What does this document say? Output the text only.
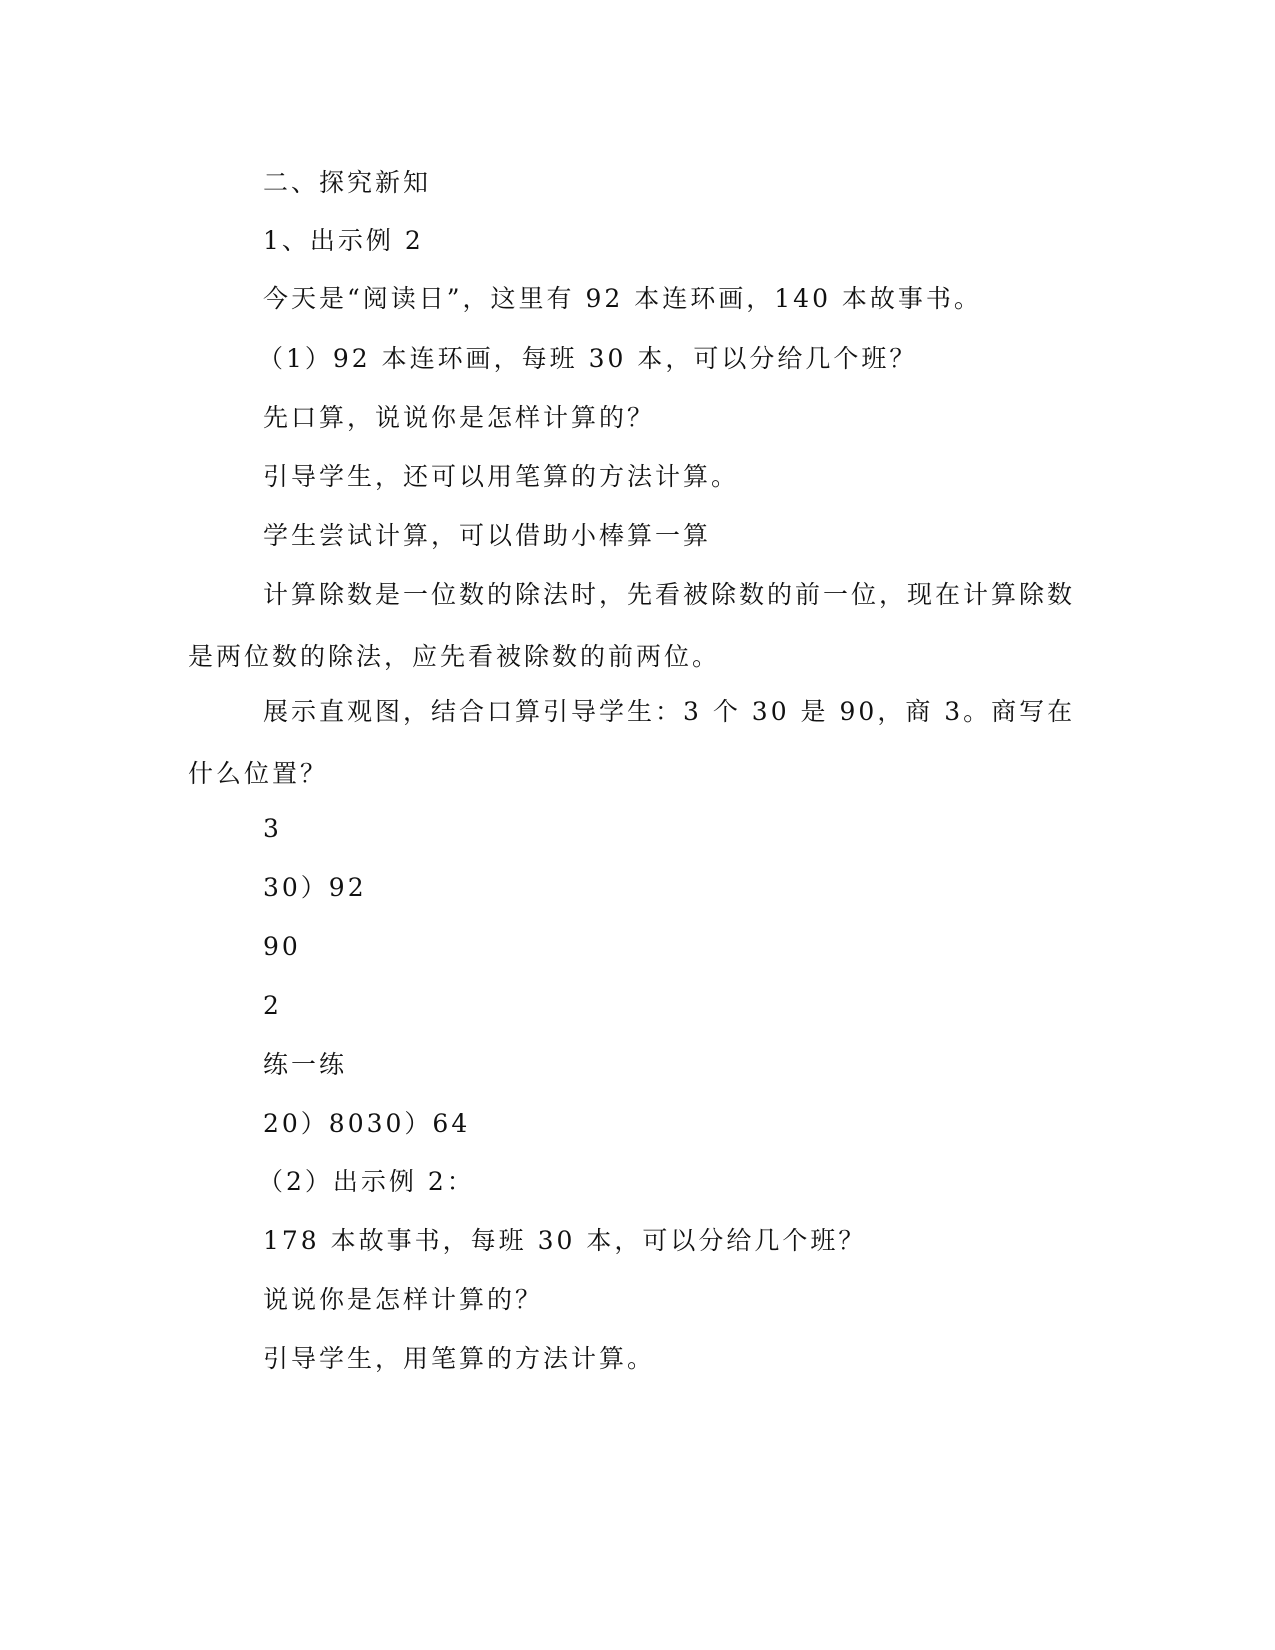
二、探究新知

1、出示例 2

今天是“阅读日”，这里有 92 本连环画，140 本故事书。

（1）92 本连环画，每班 30 本，可以分给几个班？

先口算，说说你是怎样计算的？

引导学生，还可以用笔算的方法计算。

学生尝试计算，可以借助小棒算一算

计算除数是一位数的除法时，先看被除数的前一位，现在计算除数是两位数的除法，应先看被除数的前两位。

展示直观图，结合口算引导学生：3 个 30 是 90，商 3。商写在什么位置？

3

30）92

90

2

练一练

20）8030）64

（2）出示例 2：

178 本故事书，每班 30 本，可以分给几个班？

说说你是怎样计算的？

引导学生，用笔算的方法计算。
